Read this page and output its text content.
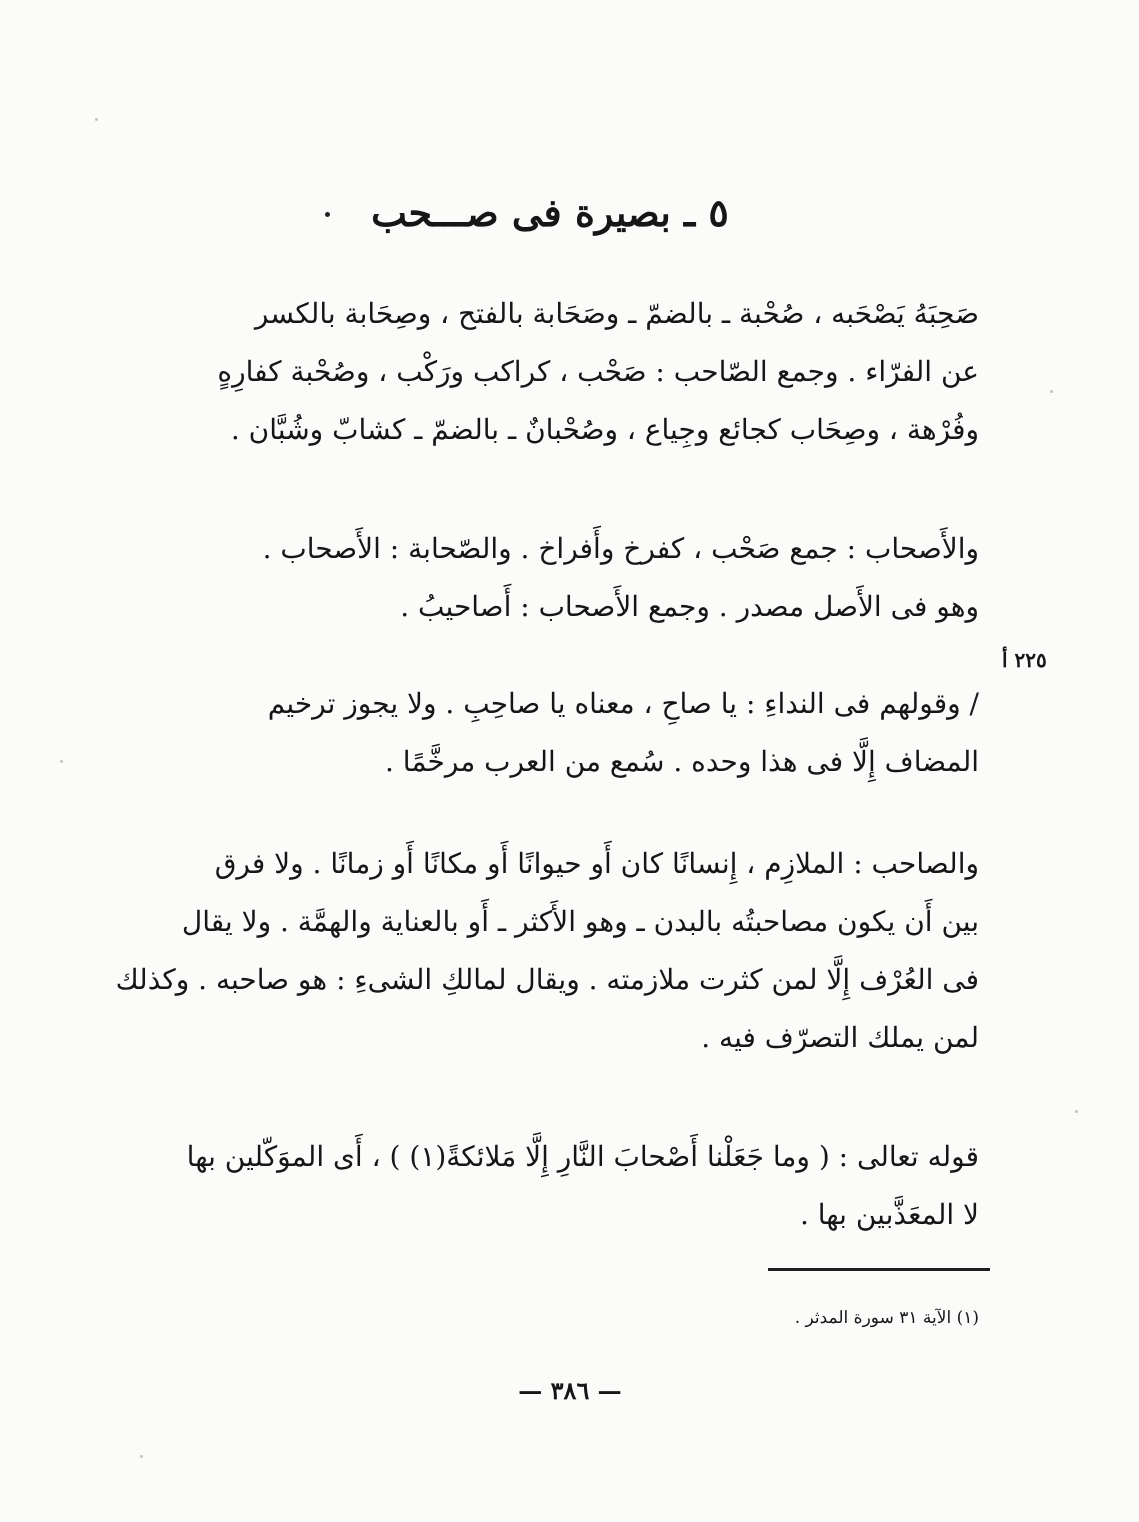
٥ ـ بصيرة فى صـــحب
٢٢٥ أ
صَحِبَهُ يَصْحَبه ، صُحْبة ـ بالضمّ ـ وصَحَابة بالفتح ، وصِحَابة بالكسر
عن الفرّاء . وجمع الصّاحب : صَحْب ، كراكب ورَكْب ، وصُحْبة كفارِهٍ
وفُرْهة ، وصِحَاب كجائع وجِياع ، وصُحْبانٌ ـ بالضمّ ـ كشابّ وشُبَّان .
والأَصحاب : جمع صَحْب ، كفرخ وأَفراخ . والصّحابة : الأَصحاب .
وهو فى الأَصل مصدر . وجمع الأَصحاب : أَصاحيبُ .
/ وقولهم فى النداءِ : يا صاحِ ، معناه يا صاحِبِ . ولا يجوز ترخيم
المضاف إِلَّا فى هذا وحده . سُمع من العرب مرخَّمًا .
والصاحب : الملازِم ، إِنسانًا كان أَو حيوانًا أَو مكانًا أَو زمانًا . ولا فرق
بين أَن يكون مصاحبتُه بالبدن ـ وهو الأَكثر ـ أَو بالعناية والهمَّة . ولا يقال
فى العُرْف إِلَّا لمن كثرت ملازمته . ويقال لمالكِ الشىءِ : هو صاحبه . وكذلك
لمن يملك التصرّف فيه .
قوله تعالى : ( وما جَعَلْنا أَصْحابَ النَّارِ إِلَّا مَلائكةً(١) ) ، أَى الموَكّلين بها
لا المعَذَّبين بها .
(١) الآية ٣١ سورة المدثر .
— ٣٨٦ —
